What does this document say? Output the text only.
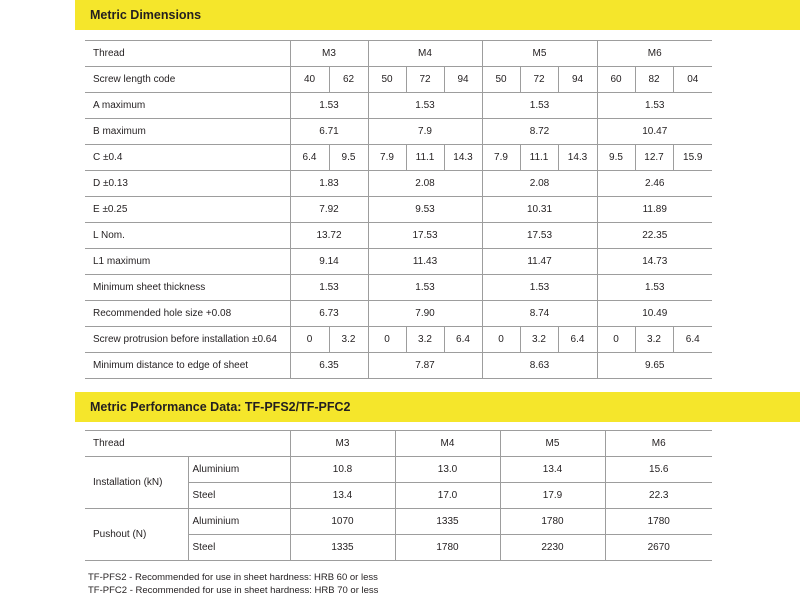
Metric Dimensions
Thread	M3		M4			M5			M6		
Screw length code	40	62	50	72	94	50	72	94	60	82	04
A maximum	1.53		1.53			1.53			1.53		
B maximum	6.71		7.9			8.72			10.47		
C ±0.4	6.4	9.5	7.9	11.1	14.3	7.9	11.1	14.3	9.5	12.7	15.9
D ±0.13	1.83		2.08			2.08			2.46		
E ±0.25	7.92		9.53			10.31			11.89		
L Nom.	13.72		17.53			17.53			22.35		
L1 maximum	9.14		11.43			11.47			14.73		
Minimum sheet thickness	1.53		1.53			1.53			1.53		
Recommended hole size +0.08	6.73		7.90			8.74			10.49		
Screw protrusion before installation ±0.64	0	3.2	0	3.2	6.4	0	3.2	6.4	0	3.2	6.4
Minimum distance to edge of sheet	6.35		7.87			8.63			9.65		
Metric Performance Data: TF-PFS2/TF-PFC2
Thread		M3	M4	M5	M6
Installation (kN)	Aluminium	10.8	13.0	13.4	15.6
	Steel	13.4	17.0	17.9	22.3
Pushout (N)	Aluminium	1070	1335	1780	1780
	Steel	1335	1780	2230	2670
TF-PFS2 - Recommended for use in sheet hardness: HRB 60 or less
TF-PFC2 - Recommended for use in sheet hardness: HRB 70 or less
